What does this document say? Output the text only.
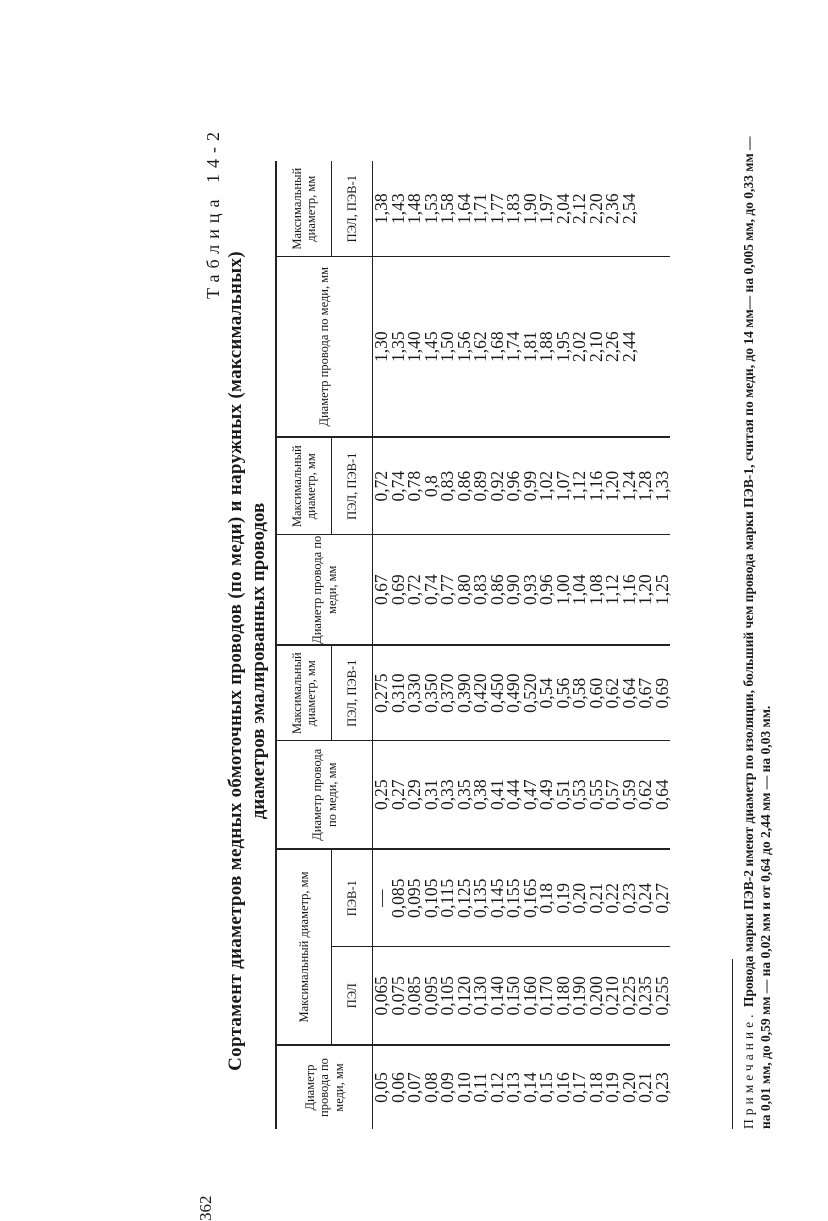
362
Таблица 14-2
Сортамент диаметров медных обмоточных проводов (по меди) и наружных (максимальных) диаметров эмалированных проводов
Диаметр провода по меди, мм	Максимальный диаметр, мм		Диаметр провода по меди, мм	Максимальный диаметр, мм	Диаметр провода по меди, мм	Максимальный диаметр, мм	Диаметр провода по меди, мм	Максимальный диаметр, мм
	ПЭЛ	ПЭВ-1		ПЭЛ, ПЭВ-1		ПЭЛ, ПЭВ-1		ПЭЛ, ПЭВ-1
0,05	0,065	—	0,25	0,275	0,67	0,72	1,30	1,38
0,06	0,075	0,085	0,27	0,310	0,69	0,74	1,35	1,43
0,07	0,085	0,095	0,29	0,330	0,72	0,78	1,40	1,48
0,08	0,095	0,105	0,31	0,350	0,74	0,8	1,45	1,53
0,09	0,105	0,115	0,33	0,370	0,77	0,83	1,50	1,58
0,10	0,120	0,125	0,35	0,390	0,80	0,86	1,56	1,64
0,11	0,130	0,135	0,38	0,420	0,83	0,89	1,62	1,71
0,12	0,140	0,145	0,41	0,450	0,86	0,92	1,68	1,77
0,13	0,150	0,155	0,44	0,490	0,90	0,96	1,74	1,83
0,14	0,160	0,165	0,47	0,520	0,93	0,99	1,81	1,90
0,15	0,170	0,18	0,49	0,54	0,96	1,02	1,88	1,97
0,16	0,180	0,19	0,51	0,56	1,00	1,07	1,95	2,04
0,17	0,190	0,20	0,53	0,58	1,04	1,12	2,02	2,12
0,18	0,200	0,21	0,55	0,60	1,08	1,16	2,10	2,20
0,19	0,210	0,22	0,57	0,62	1,12	1,20	2,26	2,36
0,20	0,225	0,23	0,59	0,64	1,16	1,24	2,44	2,54
0,21	0,235	0,24	0,62	0,67	1,20	1,28		
0,23	0,255	0,27	0,64	0,69	1,25	1,33		
Примечание. Провода марки ПЭВ-2 имеют диаметр по изоляции, больший чем провода марки ПЭВ-1, считая по меди, до 14 мм— на 0,005 мм, до 0,33 мм — на 0,01 мм, до 0,59 мм — на 0,02 мм и от 0,64 до 2,44 мм — на 0,03 мм.
